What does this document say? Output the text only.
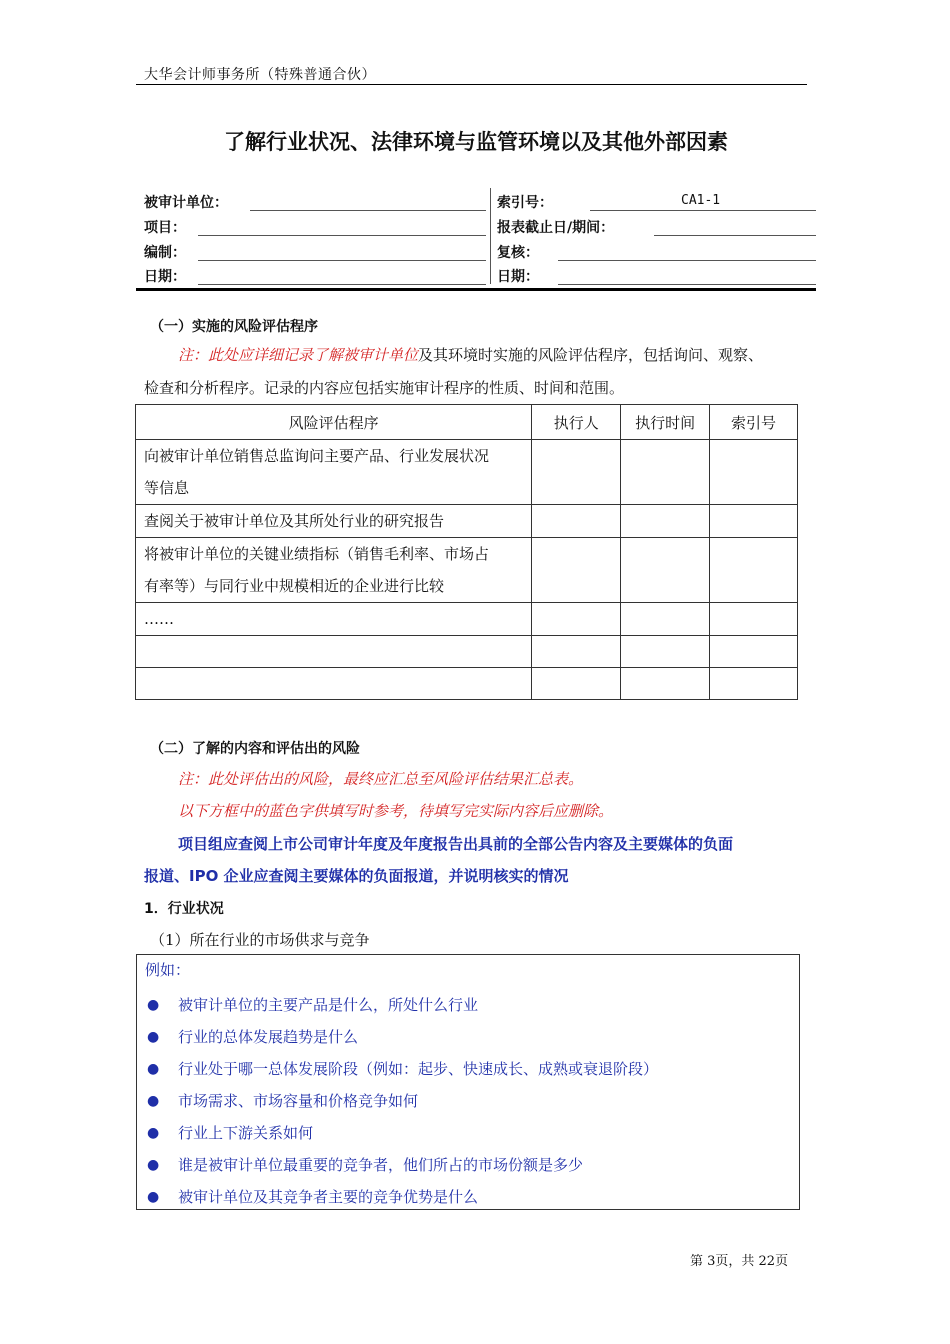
大华会计师事务所（特殊普通合伙）
了解行业状况、法律环境与监管环境以及其他外部因素
被审计单位：
项目：
编制：
日期：
索引号：	CA1-1
报表截止日/期间：
复核：
日期：
（一）实施的风险评估程序
注：此处应详细记录了解被审计单位及其环境时实施的风险评估程序，包括询问、观察、
检查和分析程序。记录的内容应包括实施审计程序的性质、时间和范围。
风险评估程序	执行人	执行时间	索引号

向被审计单位销售总监询问主要产品、行业发展状况
等信息			

查阅关于被审计单位及其所处行业的研究报告			

将被审计单位的关键业绩指标（销售毛利率、市场占
有率等）与同行业中规模相近的企业进行比较			

……			

（二）了解的内容和评估出的风险
注：此处评估出的风险，最终应汇总至风险评估结果汇总表。
以下方框中的蓝色字供填写时参考，待填写完实际内容后应删除。
项目组应查阅上市公司审计年度及年度报告出具前的全部公告内容及主要媒体的负面
报道、IPO 企业应查阅主要媒体的负面报道，并说明核实的情况
1．行业状况
（1）所在行业的市场供求与竞争
例如：
● 被审计单位的主要产品是什么，所处什么行业
● 行业的总体发展趋势是什么
● 行业处于哪一总体发展阶段（例如：起步、快速成长、成熟或衰退阶段）
● 市场需求、市场容量和价格竞争如何
● 行业上下游关系如何
● 谁是被审计单位最重要的竞争者，他们所占的市场份额是多少
● 被审计单位及其竞争者主要的竞争优势是什么
第 3页，共 22页
